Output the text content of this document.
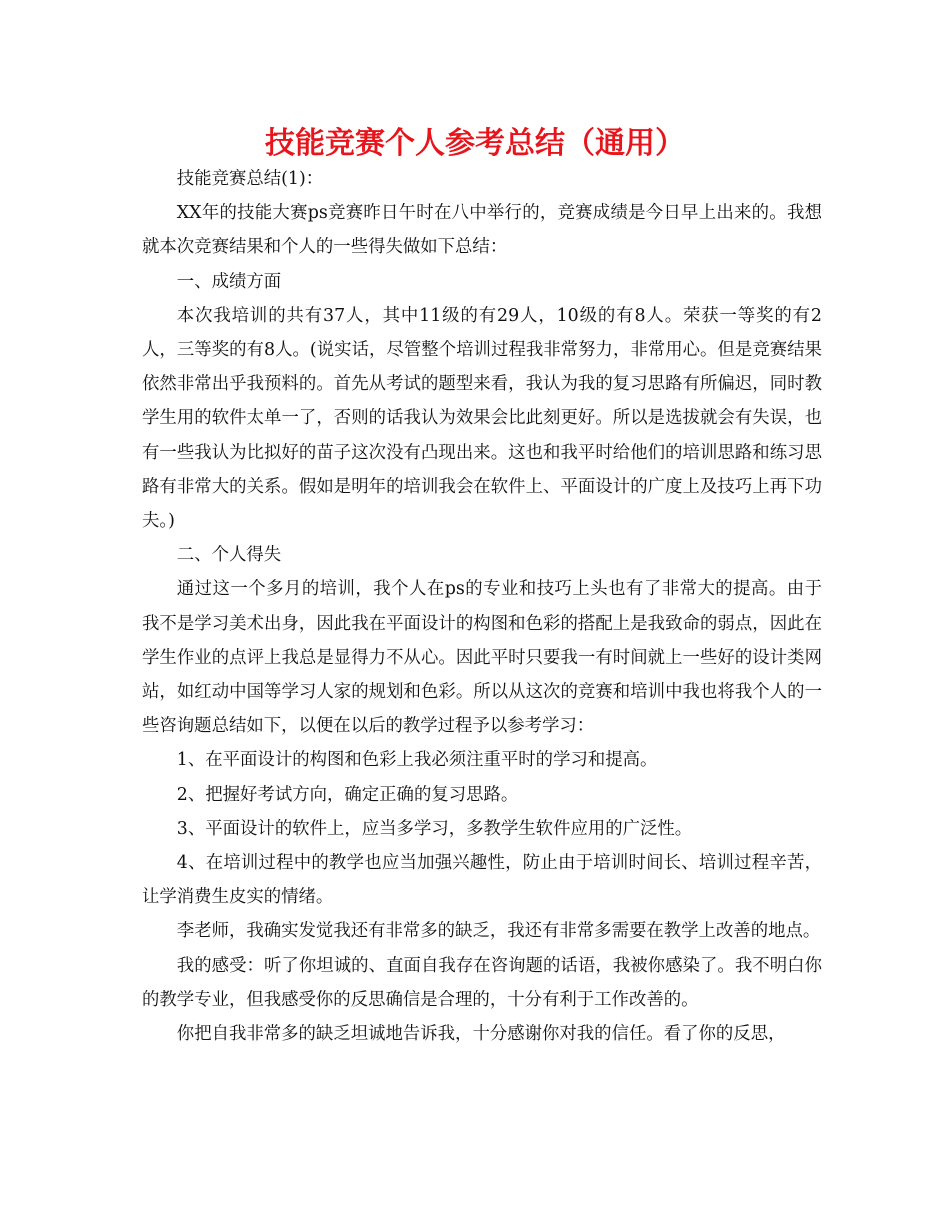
技能竞赛个人参考总结（通用）

技能竞赛总结(1)：

XX年的技能大赛ps竞赛昨日午时在八中举行的，竞赛成绩是今日早上出来的。我想就本次竞赛结果和个人的一些得失做如下总结：

一、成绩方面

本次我培训的共有37人，其中11级的有29人，10级的有8人。荣获一等奖的有2人，三等奖的有8人。(说实话，尽管整个培训过程我非常努力，非常用心。但是竞赛结果依然非常出乎我预料的。首先从考试的题型来看，我认为我的复习思路有所偏迟，同时教学生用的软件太单一了，否则的话我认为效果会比此刻更好。所以是选拔就会有失误，也有一些我认为比拟好的苗子这次没有凸现出来。这也和我平时给他们的培训思路和练习思路有非常大的关系。假如是明年的培训我会在软件上、平面设计的广度上及技巧上再下功夫。)

二、个人得失

通过这一个多月的培训，我个人在ps的专业和技巧上头也有了非常大的提高。由于我不是学习美术出身，因此我在平面设计的构图和色彩的搭配上是我致命的弱点，因此在学生作业的点评上我总是显得力不从心。因此平时只要我一有时间就上一些好的设计类网站，如红动中国等学习人家的规划和色彩。所以从这次的竞赛和培训中我也将我个人的一些咨询题总结如下，以便在以后的教学过程予以参考学习：

1、在平面设计的构图和色彩上我必须注重平时的学习和提高。

2、把握好考试方向，确定正确的复习思路。

3、平面设计的软件上，应当多学习，多教学生软件应用的广泛性。

4、在培训过程中的教学也应当加强兴趣性，防止由于培训时间长、培训过程辛苦，让学消费生皮实的情绪。

李老师，我确实发觉我还有非常多的缺乏，我还有非常多需要在教学上改善的地点。

我的感受：听了你坦诚的、直面自我存在咨询题的话语，我被你感染了。我不明白你的教学专业，但我感受你的反思确信是合理的，十分有利于工作改善的。

你把自我非常多的缺乏坦诚地告诉我，十分感谢你对我的信任。看了你的反思，
